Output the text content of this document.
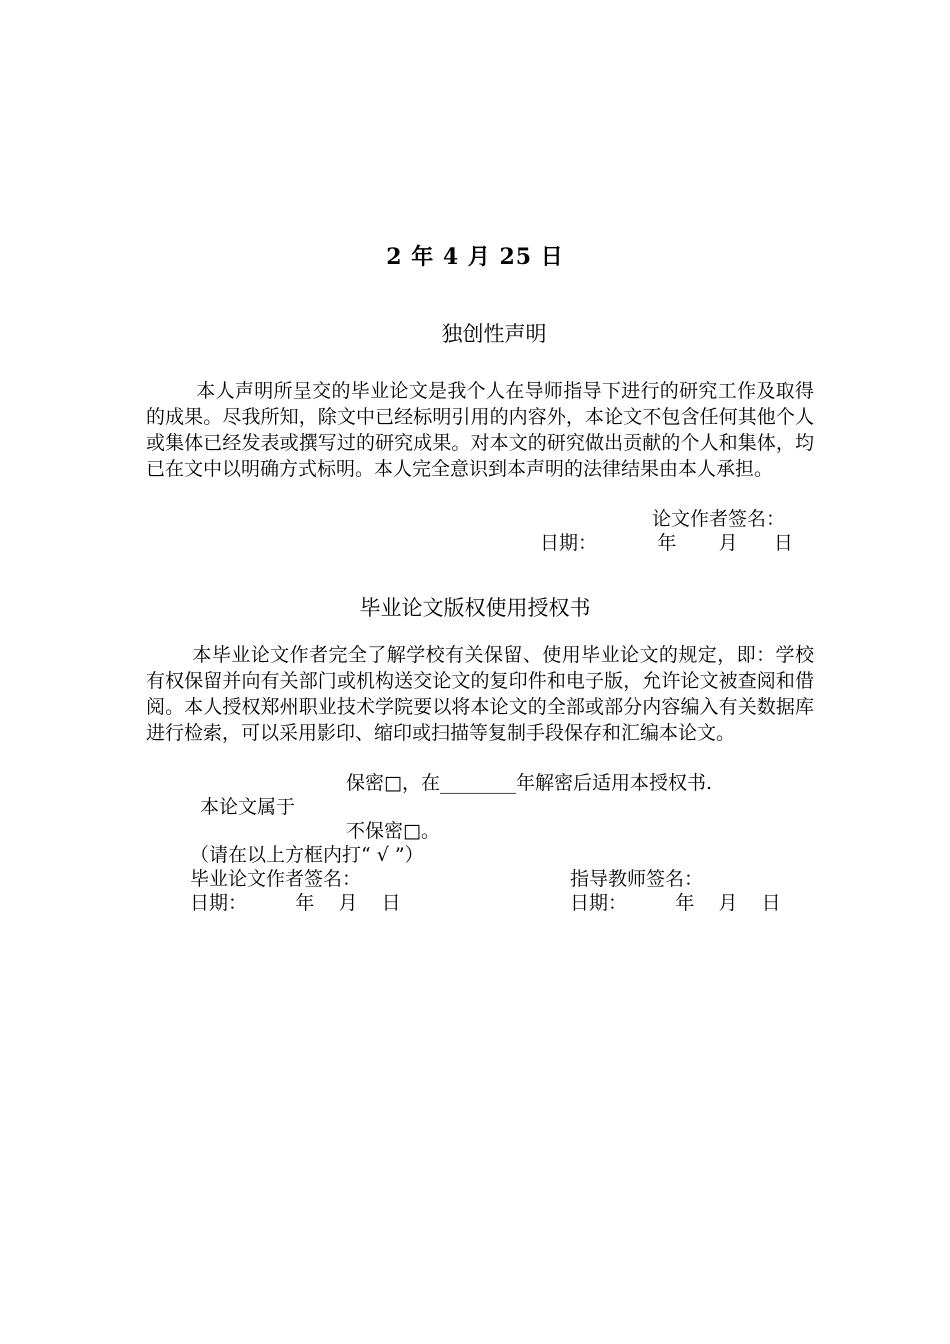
2 年 4 月 25 日
独创性声明
本人声明所呈交的毕业论文是我个人在导师指导下进行的研究工作及取得的成果。尽我所知，除文中已经标明引用的内容外，本论文不包含任何其他个人或集体已经发表或撰写过的研究成果。对本文的研究做出贡献的个人和集体，均已在文中以明确方式标明。本人完全意识到本声明的法律结果由本人承担。
论文作者签名：
日期：          年       月      日
毕业论文版权使用授权书
本毕业论文作者完全了解学校有关保留、使用毕业论文的规定，即：学校有权保留并向有关部门或机构送交论文的复印件和电子版，允许论文被查阅和借阅。本人授权郑州职业技术学院要以将本论文的全部或部分内容编入有关数据库进行检索，可以采用影印、缩印或扫描等复制手段保存和汇编本论文。
保密□，在________年解密后适用本授权书.
本论文属于
不保密□。
（请在以上方框内打“ √ ”）
毕业论文作者签名：	指导教师签名：
日期：        年    月    日	日期：        年    月    日
